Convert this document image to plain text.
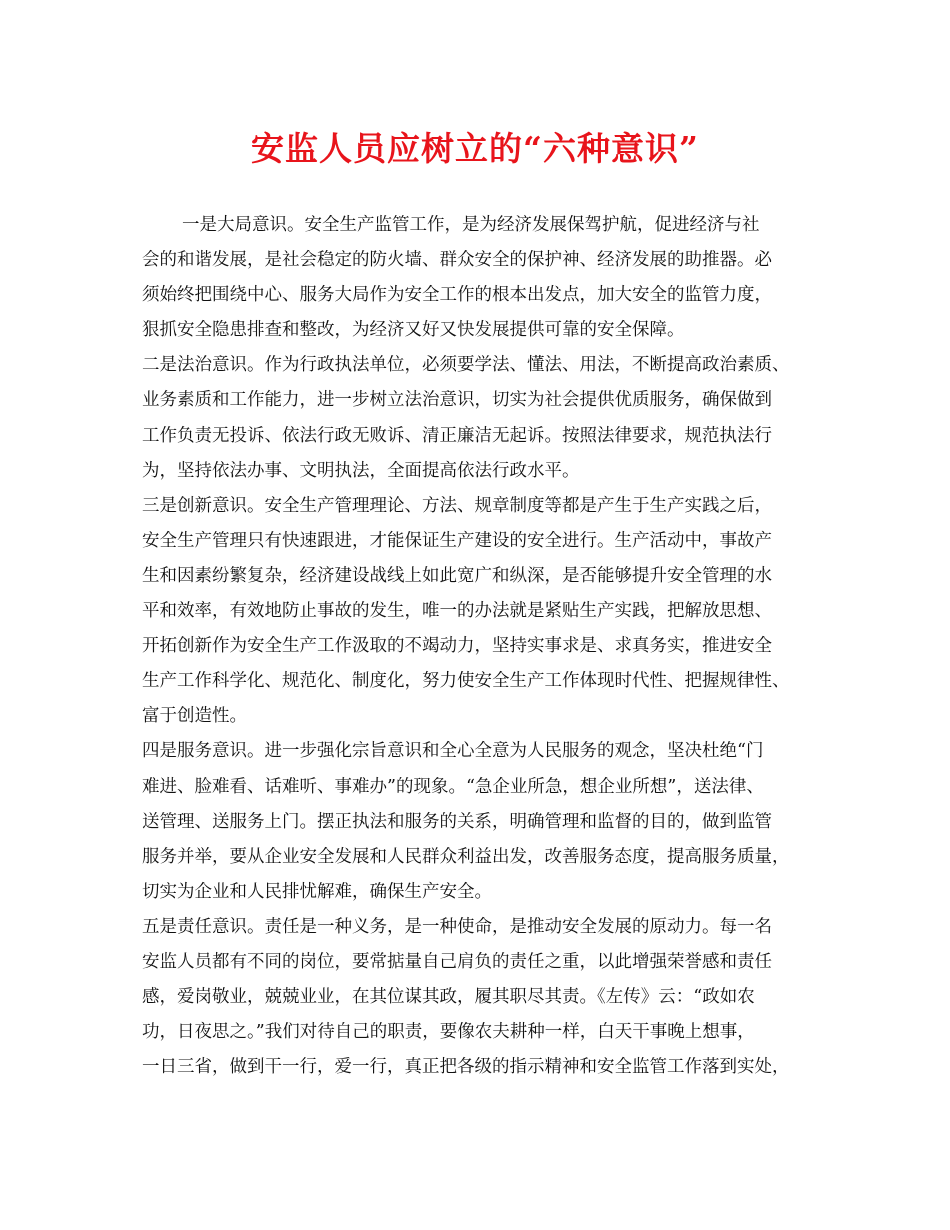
安监人员应树立的“六种意识”
一是大局意识。安全生产监管工作，是为经济发展保驾护航，促进经济与社
会的和谐发展，是社会稳定的防火墙、群众安全的保护神、经济发展的助推器。必
须始终把围绕中心、服务大局作为安全工作的根本出发点，加大安全的监管力度，
狠抓安全隐患排查和整改，为经济又好又快发展提供可靠的安全保障。
二是法治意识。作为行政执法单位，必须要学法、懂法、用法，不断提高政治素质、
业务素质和工作能力，进一步树立法治意识，切实为社会提供优质服务，确保做到
工作负责无投诉、依法行政无败诉、清正廉洁无起诉。按照法律要求，规范执法行
为，坚持依法办事、文明执法，全面提高依法行政水平。
三是创新意识。安全生产管理理论、方法、规章制度等都是产生于生产实践之后，
安全生产管理只有快速跟进，才能保证生产建设的安全进行。生产活动中，事故产
生和因素纷繁复杂，经济建设战线上如此宽广和纵深，是否能够提升安全管理的水
平和效率，有效地防止事故的发生，唯一的办法就是紧贴生产实践，把解放思想、
开拓创新作为安全生产工作汲取的不竭动力，坚持实事求是、求真务实，推进安全
生产工作科学化、规范化、制度化，努力使安全生产工作体现时代性、把握规律性、
富于创造性。
四是服务意识。进一步强化宗旨意识和全心全意为人民服务的观念，坚决杜绝“门
难进、脸难看、话难听、事难办”的现象。“急企业所急，想企业所想”，送法律、
送管理、送服务上门。摆正执法和服务的关系，明确管理和监督的目的，做到监管
服务并举，要从企业安全发展和人民群众利益出发，改善服务态度，提高服务质量，
切实为企业和人民排忧解难，确保生产安全。
五是责任意识。责任是一种义务，是一种使命，是推动安全发展的原动力。每一名
安监人员都有不同的岗位，要常掂量自己肩负的责任之重，以此增强荣誉感和责任
感，爱岗敬业，兢兢业业，在其位谋其政，履其职尽其责。《左传》云：“政如农
功，日夜思之。”我们对待自己的职责，要像农夫耕种一样，白天干事晚上想事，
一日三省，做到干一行，爱一行，真正把各级的指示精神和安全监管工作落到实处，
